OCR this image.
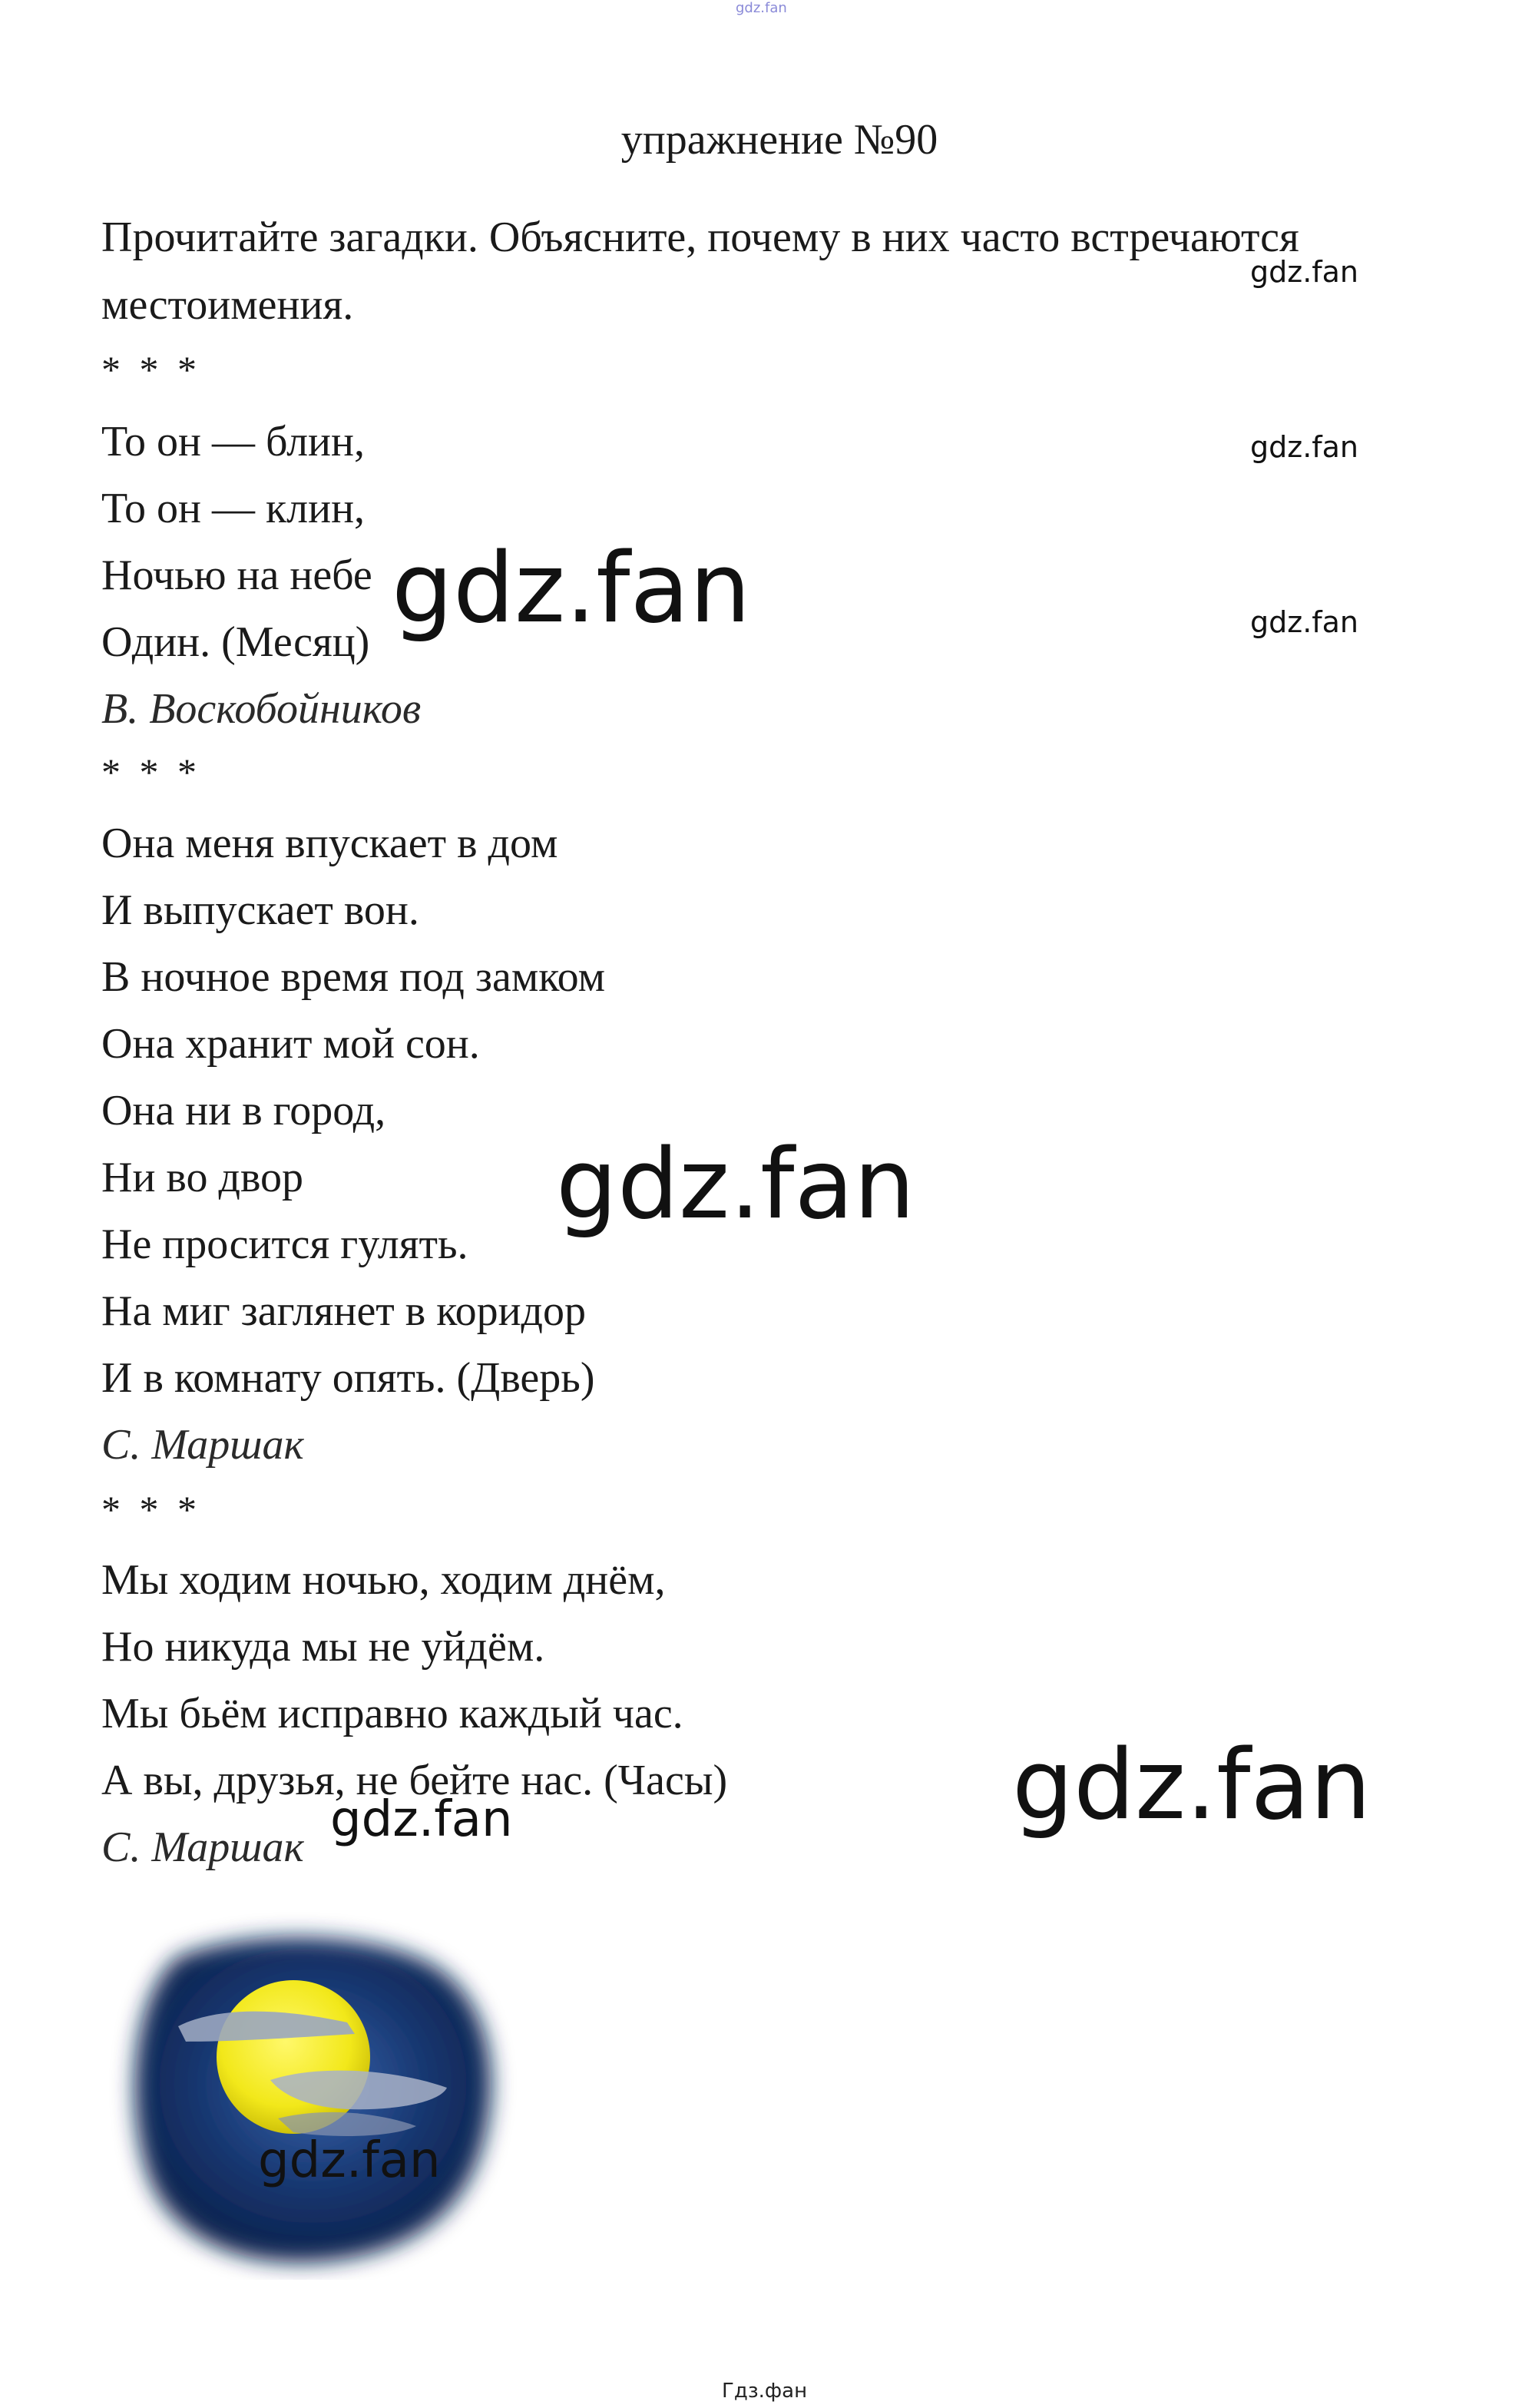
gdz.fan
упражнение №90
Прочитайте загадки. Объясните, почему в них часто встречаются
местоимения.
* * *
То он — блин,
То он — клин,
Ночью на небе
Один. (Месяц)
В. Воскобойников
* * *
Она меня впускает в дом
И выпускает вон.
В ночное время под замком
Она хранит мой сон.
Она ни в город,
Ни во двор
Не просится гулять.
На миг заглянет в коридор
И в комнату опять. (Дверь)
С. Маршак
* * *
Мы ходим ночью, ходим днём,
Но никуда мы не уйдём.
Мы бьём исправно каждый час.
А вы, друзья, не бейте нас. (Часы)
С. Маршак
gdz.fan
gdz.fan
gdz.fan
gdz.fan
gdz.fan
gdz.fan
gdz.fan
gdz.fan
Гдз.фан
